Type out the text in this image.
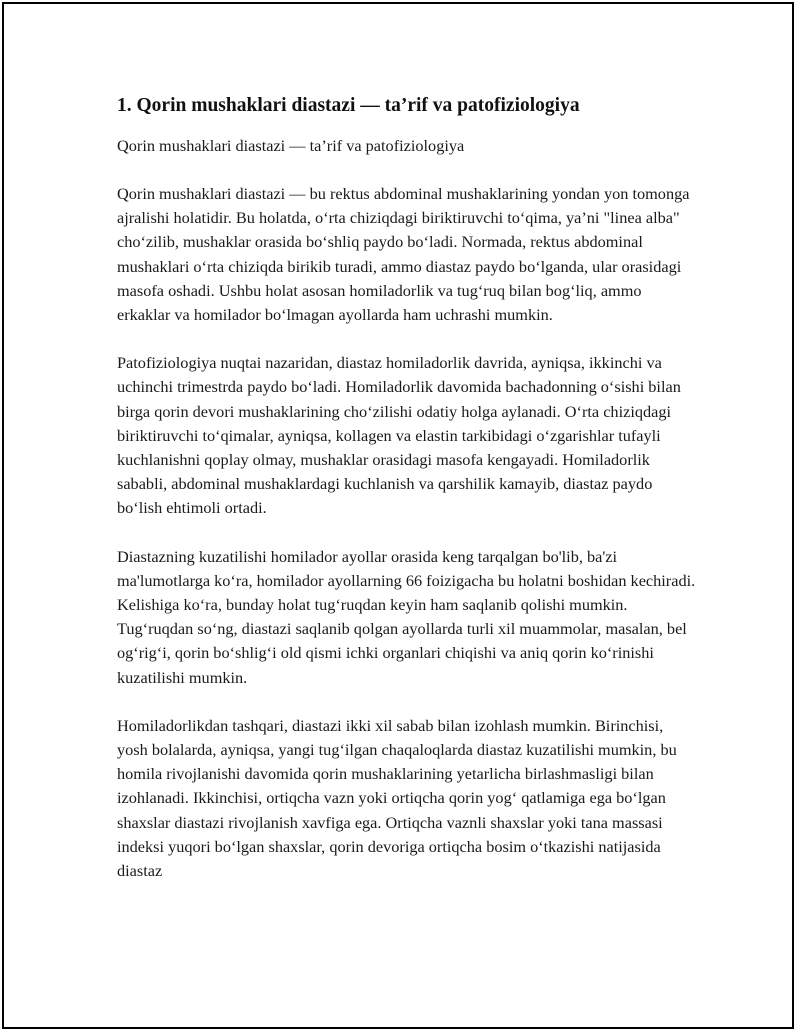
1. Qorin mushaklari diastazi — ta’rif va patofiziologiya

Qorin mushaklari diastazi — ta’rif va patofiziologiya

Qorin mushaklari diastazi — bu rektus abdominal mushaklarining yondan yon tomonga ajralishi holatidir. Bu holatda, o‘rta chiziqdagi biriktiruvchi to‘qima, ya’ni "linea alba" cho‘zilib, mushaklar orasida bo‘shliq paydo bo‘ladi. Normada, rektus abdominal mushaklari o‘rta chiziqda birikib turadi, ammo diastaz paydo bo‘lganda, ular orasidagi masofa oshadi. Ushbu holat asosan homiladorlik va tug‘ruq bilan bog‘liq, ammo erkaklar va homilador bo‘lmagan ayollarda ham uchrashi mumkin.

Patofiziologiya nuqtai nazaridan, diastaz homiladorlik davrida, ayniqsa, ikkinchi va uchinchi trimestrda paydo bo‘ladi. Homiladorlik davomida bachadonning o‘sishi bilan birga qorin devori mushaklarining cho‘zilishi odatiy holga aylanadi. O‘rta chiziqdagi biriktiruvchi to‘qimalar, ayniqsa, kollagen va elastin tarkibidagi o‘zgarishlar tufayli kuchlanishni qoplay olmay, mushaklar orasidagi masofa kengayadi. Homiladorlik sababli, abdominal mushaklardagi kuchlanish va qarshilik kamayib, diastaz paydo bo‘lish ehtimoli ortadi.

Diastazning kuzatilishi homilador ayollar orasida keng tarqalgan bo'lib, ba'zi ma'lumotlarga ko‘ra, homilador ayollarning 66 foizigacha bu holatni boshidan kechiradi. Kelishiga ko‘ra, bunday holat tug‘ruqdan keyin ham saqlanib qolishi mumkin. Tug‘ruqdan so‘ng, diastazi saqlanib qolgan ayollarda turli xil muammolar, masalan, bel og‘rig‘i, qorin bo‘shlig‘i old qismi ichki organlari chiqishi va aniq qorin ko‘rinishi kuzatilishi mumkin.

Homiladorlikdan tashqari, diastazi ikki xil sabab bilan izohlash mumkin. Birinchisi, yosh bolalarda, ayniqsa, yangi tug‘ilgan chaqaloqlarda diastaz kuzatilishi mumkin, bu homila rivojlanishi davomida qorin mushaklarining yetarlicha birlashmasligi bilan izohlanadi. Ikkinchisi, ortiqcha vazn yoki ortiqcha qorin yog‘ qatlamiga ega bo‘lgan shaxslar diastazi rivojlanish xavfiga ega. Ortiqcha vaznli shaxslar yoki tana massasi indeksi yuqori bo‘lgan shaxslar, qorin devoriga ortiqcha bosim o‘tkazishi natijasida diastaz
